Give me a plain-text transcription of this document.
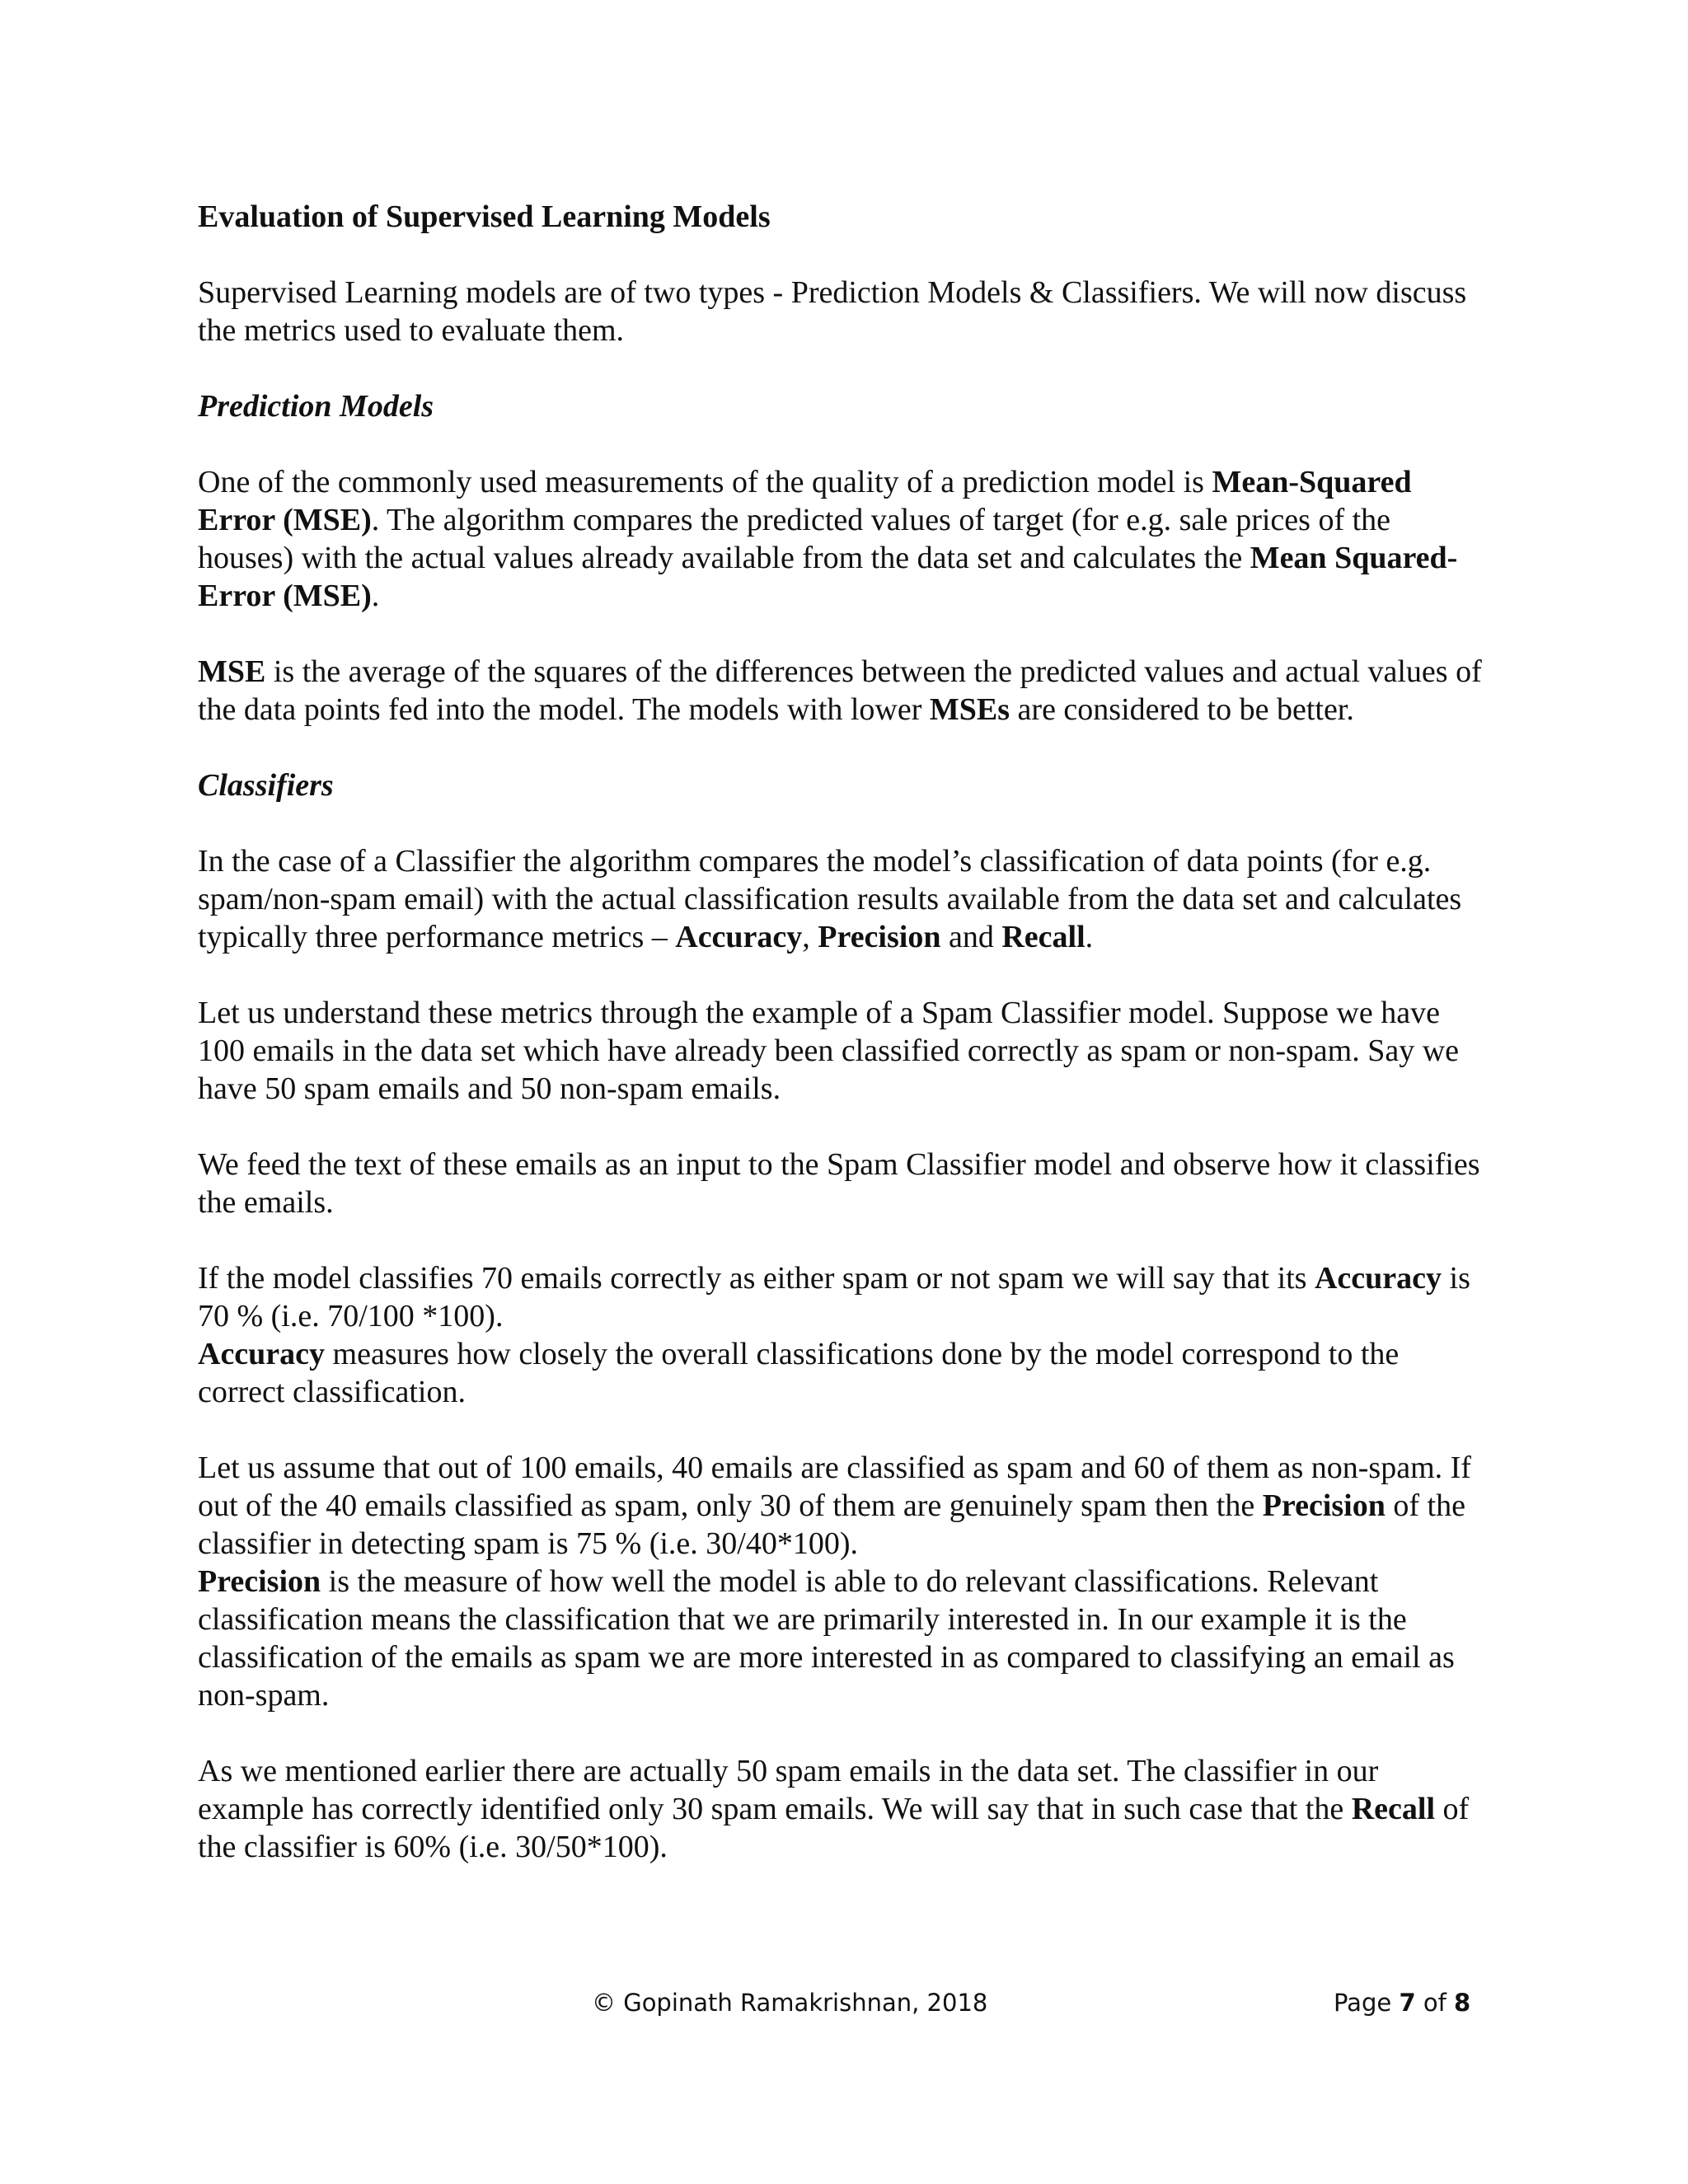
Evaluation of Supervised Learning Models

Supervised Learning models are of two types - Prediction Models & Classifiers. We will now discuss the metrics used to evaluate them.

Prediction Models

One of the commonly used measurements of the quality of a prediction model is Mean-Squared Error (MSE). The algorithm compares the predicted values of target (for e.g. sale prices of the houses) with the actual values already available from the data set and calculates the Mean Squared-Error (MSE).

MSE is the average of the squares of the differences between the predicted values and actual values of the data points fed into the model. The models with lower MSEs are considered to be better.

Classifiers

In the case of a Classifier the algorithm compares the model’s classification of data points (for e.g. spam/non-spam email) with the actual classification results available from the data set and calculates typically three performance metrics – Accuracy, Precision and Recall.

Let us understand these metrics through the example of a Spam Classifier model. Suppose we have 100 emails in the data set which have already been classified correctly as spam or non-spam. Say we have 50 spam emails and 50 non-spam emails.

We feed the text of these emails as an input to the Spam Classifier model and observe how it classifies the emails.

If the model classifies 70 emails correctly as either spam or not spam we will say that its Accuracy is 70 % (i.e. 70/100 *100).

Accuracy measures how closely the overall classifications done by the model correspond to the correct classification.

Let us assume that out of 100 emails, 40 emails are classified as spam and 60 of them as non-spam. If out of the 40 emails classified as spam, only 30 of them are genuinely spam then the Precision of the classifier in detecting spam is 75 % (i.e. 30/40*100).

Precision is the measure of how well the model is able to do relevant classifications. Relevant classification means the classification that we are primarily interested in. In our example it is the classification of the emails as spam we are more interested in as compared to classifying an email as non-spam.

As we mentioned earlier there are actually 50 spam emails in the data set. The classifier in our example has correctly identified only 30 spam emails. We will say that in such case that the Recall of the classifier is 60% (i.e. 30/50*100).

© Gopinath Ramakrishnan, 2018	Page 7 of 8
